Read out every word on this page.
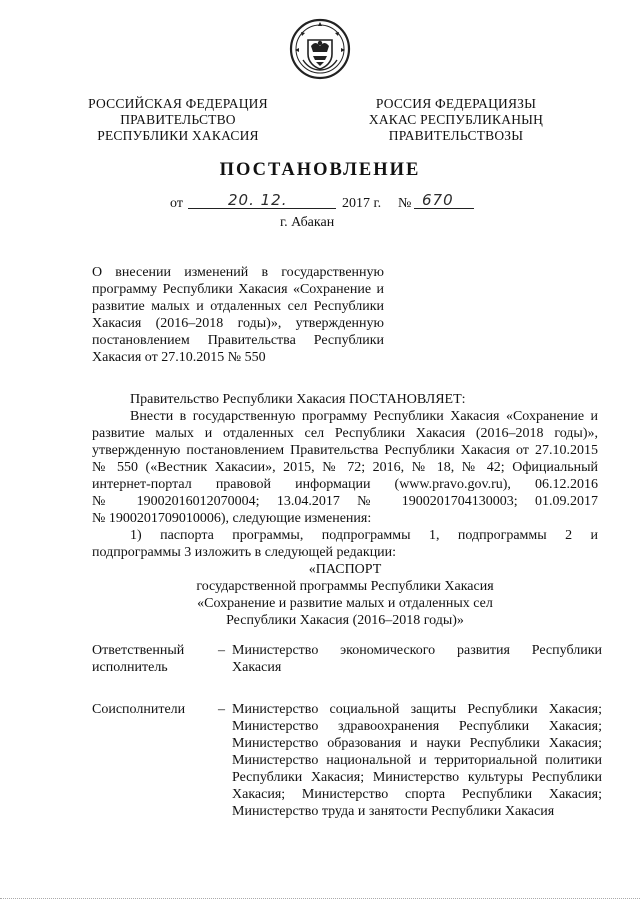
РОССИЙСКАЯ ФЕДЕРАЦИЯ
ПРАВИТЕЛЬСТВО
РЕСПУБЛИКИ ХАКАСИЯ
РОССИЯ ФЕДЕРАЦИЯЗЫ
ХАКАС РЕСПУБЛИКАНЫҢ
ПРАВИТЕЛЬСТВОЗЫ
ПОСТАНОВЛЕНИЕ
от	20. 12.	2017 г. № 670
г. Абакан
О внесении изменений в государственную
программу Республики Хакасия «Сохранение и
развитие малых и отдаленных сел Республики
Хакасия (2016–2018 годы)», утвержденную
постановлением Правительства Республики
Хакасия от 27.10.2015 № 550
Правительство Республики Хакасия ПОСТАНОВЛЯЕТ:
Внести в государственную программу Республики Хакасия «Сохранение и
развитие малых и отдаленных сел Республики Хакасия (2016–2018 годы)»,
утвержденную постановлением Правительства Республики Хакасия от 27.10.2015
№ 550 («Вестник Хакасии», 2015, № 72; 2016, № 18, № 42; Официальный
интернет-портал правовой информации (www.pravo.gov.ru), 06.12.2016
№ 19002016012070004; 13.04.2017 № 1900201704130003; 01.09.2017
№ 1900201709010006), следующие изменения:
1) паспорта программы, подпрограммы 1, подпрограммы 2 и
подпрограммы 3 изложить в следующей редакции:
«ПАСПОРТ
государственной программы Республики Хакасия
«Сохранение и развитие малых и отдаленных сел
Республики Хакасия (2016–2018 годы)»
Ответственный
исполнитель
– Министерство экономического развития Республики
Хакасия
Соисполнители	– Министерство социальной защиты Республики Хакасия;
Министерство здравоохранения Республики Хакасия;
Министерство образования и науки Республики Хакасия;
Министерство национальной и территориальной политики
Республики Хакасия; Министерство культуры Республики
Хакасия; Министерство спорта Республики Хакасия;
Министерство труда и занятости Республики Хакасия
